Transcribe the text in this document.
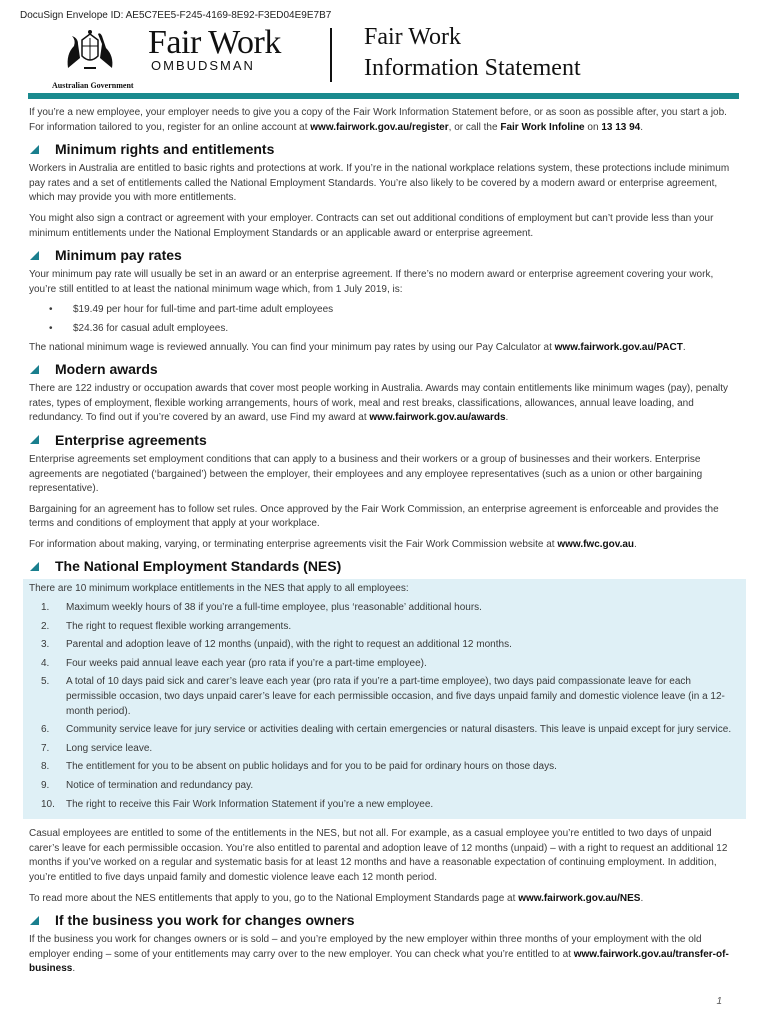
DocuSign Envelope ID: AE5C7EE5-F245-4169-8E92-F3ED04E9E7B7
Australian Government
Fair Work
OMBUDSMAN
Fair Work
Information Statement

If you’re a new employee, your employer needs to give you a copy of the Fair Work Information Statement before, or as soon as possible after, you start a job. For information tailored to you, register for an online account at www.fairwork.gov.au/register, or call the Fair Work Infoline on 13 13 94.

Minimum rights and entitlements

Workers in Australia are entitled to basic rights and protections at work. If you’re in the national workplace relations system, these protections include minimum pay rates and a set of entitlements called the National Employment Standards. You’re also likely to be covered by a modern award or enterprise agreement, which may provide you with more entitlements.

You might also sign a contract or agreement with your employer. Contracts can set out additional conditions of employment but can’t provide less than your minimum entitlements under the National Employment Standards or an applicable award or enterprise agreement.

Minimum pay rates

Your minimum pay rate will usually be set in an award or an enterprise agreement. If there’s no modern award or enterprise agreement covering your work, you’re still entitled to at least the national minimum wage which, from 1 July 2019, is:

• $19.49 per hour for full-time and part-time adult employees
• $24.36 for casual adult employees.

The national minimum wage is reviewed annually. You can find your minimum pay rates by using our Pay Calculator at www.fairwork.gov.au/PACT.

Modern awards

There are 122 industry or occupation awards that cover most people working in Australia. Awards may contain entitlements like minimum wages (pay), penalty rates, types of employment, flexible working arrangements, hours of work, meal and rest breaks, classifications, allowances, annual leave loading, and redundancy. To find out if you’re covered by an award, use Find my award at www.fairwork.gov.au/awards.

Enterprise agreements

Enterprise agreements set employment conditions that can apply to a business and their workers or a group of businesses and their workers. Enterprise agreements are negotiated (‘bargained’) between the employer, their employees and any employee representatives (such as a union or other bargaining representative).

Bargaining for an agreement has to follow set rules. Once approved by the Fair Work Commission, an enterprise agreement is enforceable and provides the terms and conditions of employment that apply at your workplace.

For information about making, varying, or terminating enterprise agreements visit the Fair Work Commission website at www.fwc.gov.au.

The National Employment Standards (NES)
There are 10 minimum workplace entitlements in the NES that apply to all employees:
1. Maximum weekly hours of 38 if you’re a full-time employee, plus ‘reasonable’ additional hours.
2. The right to request flexible working arrangements.
3. Parental and adoption leave of 12 months (unpaid), with the right to request an additional 12 months.
4. Four weeks paid annual leave each year (pro rata if you’re a part-time employee).
5. A total of 10 days paid sick and carer’s leave each year (pro rata if you’re a part-time employee), two days paid compassionate leave for each permissible occasion, two days unpaid carer’s leave for each permissible occasion, and five days unpaid family and domestic violence leave (in a 12-month period).
6. Community service leave for jury service or activities dealing with certain emergencies or natural disasters. This leave is unpaid except for jury service.
7. Long service leave.
8. The entitlement for you to be absent on public holidays and for you to be paid for ordinary hours on those days.
9. Notice of termination and redundancy pay.
10. The right to receive this Fair Work Information Statement if you’re a new employee.

Casual employees are entitled to some of the entitlements in the NES, but not all. For example, as a casual employee you’re entitled to two days of unpaid carer’s leave for each permissible occasion. You’re also entitled to parental and adoption leave of 12 months (unpaid) – with a right to request an additional 12 months if you’ve worked on a regular and systematic basis for at least 12 months and have a reasonable expectation of continuing employment. In addition, you’re entitled to five days unpaid family and domestic violence leave each 12 month period.

To read more about the NES entitlements that apply to you, go to the National Employment Standards page at www.fairwork.gov.au/NES.

If the business you work for changes owners

If the business you work for changes owners or is sold – and you’re employed by the new employer within three months of your employment with the old employer ending – some of your entitlements may carry over to the new employer. You can check what you’re entitled to at www.fairwork.gov.au/transfer-of-business.

1
